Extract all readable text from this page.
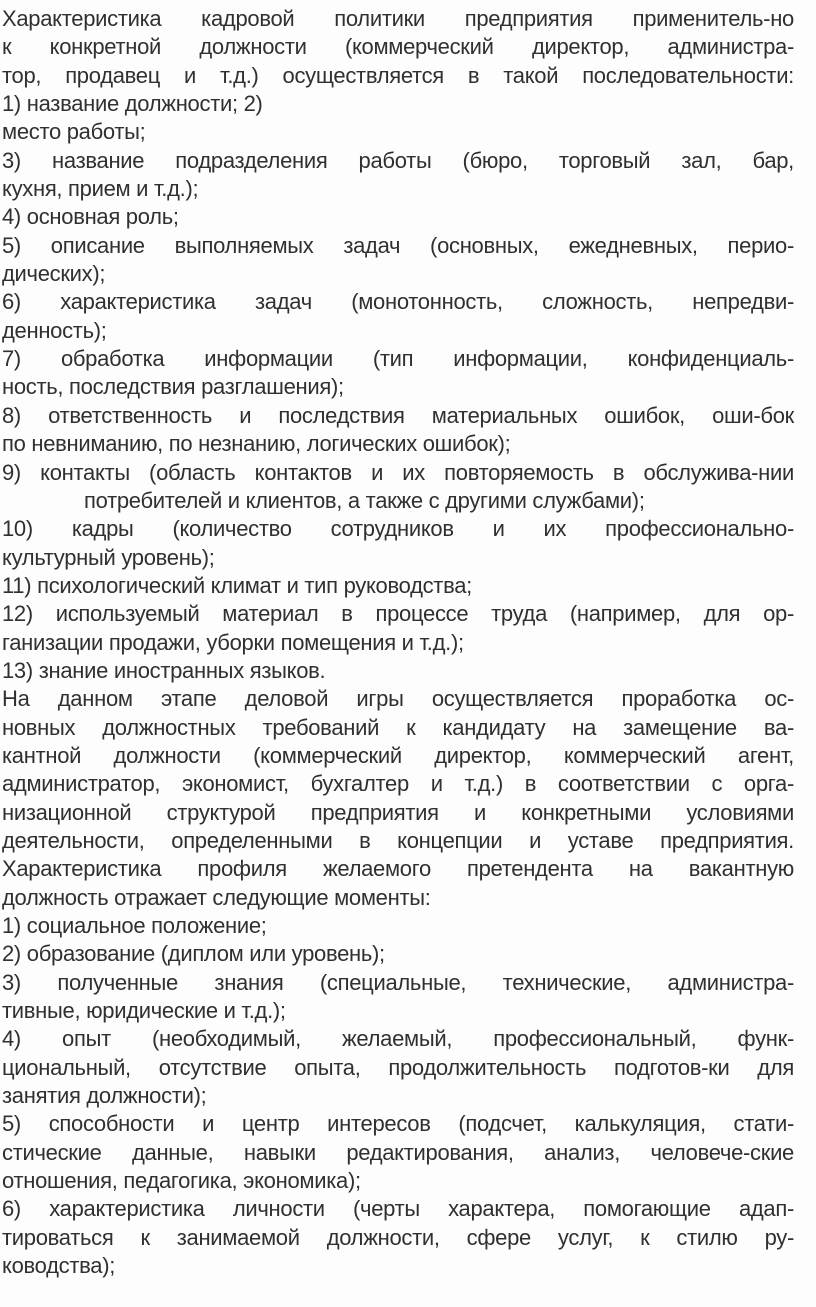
Характеристика кадровой политики предприятия применитель-но
к конкретной должности (коммерческий директор, администра-
тор, продавец и т.д.) осуществляется в такой последовательности:
1) название должности; 2)
место работы;
3) название подразделения работы (бюро, торговый зал, бар,
кухня, прием и т.д.);
4) основная роль;
5) описание выполняемых задач (основных, ежедневных, перио-
дических);
6) характеристика задач (монотонность, сложность, непредви-
денность);
7) обработка информации (тип информации, конфиденциаль-
ность, последствия разглашения);
8) ответственность и последствия материальных ошибок, оши-бок
по невниманию, по незнанию, логических ошибок);
9) контакты (область контактов и их повторяемость в обслужива-нии
потребителей и клиентов, а также с другими службами);
10) кадры (количество сотрудников и их профессионально-
культурный уровень);
11) психологический климат и тип руководства;
12) используемый материал в процессе труда (например, для ор-
ганизации продажи, уборки помещения и т.д.);
13) знание иностранных языков.
На данном этапе деловой игры осуществляется проработка ос-
новных должностных требований к кандидату на замещение ва-
кантной должности (коммерческий директор, коммерческий агент,
администратор, экономист, бухгалтер и т.д.) в соответствии с орга-
низационной структурой предприятия и конкретными условиями
деятельности, определенными в концепции и уставе предприятия.
Характеристика профиля желаемого претендента на вакантную
должность отражает следующие моменты:
1) социальное положение;
2) образование (диплом или уровень);
3) полученные знания (специальные, технические, администра-
тивные, юридические и т.д.);
4) опыт (необходимый, желаемый, профессиональный, функ-
циональный, отсутствие опыта, продолжительность подготов-ки для
занятия должности);
5) способности и центр интересов (подсчет, калькуляция, стати-
стические данные, навыки редактирования, анализ, человече-ские
отношения, педагогика, экономика);
6) характеристика личности (черты характера, помогающие адап-
тироваться к занимаемой должности, сфере услуг, к стилю ру-
ководства);
